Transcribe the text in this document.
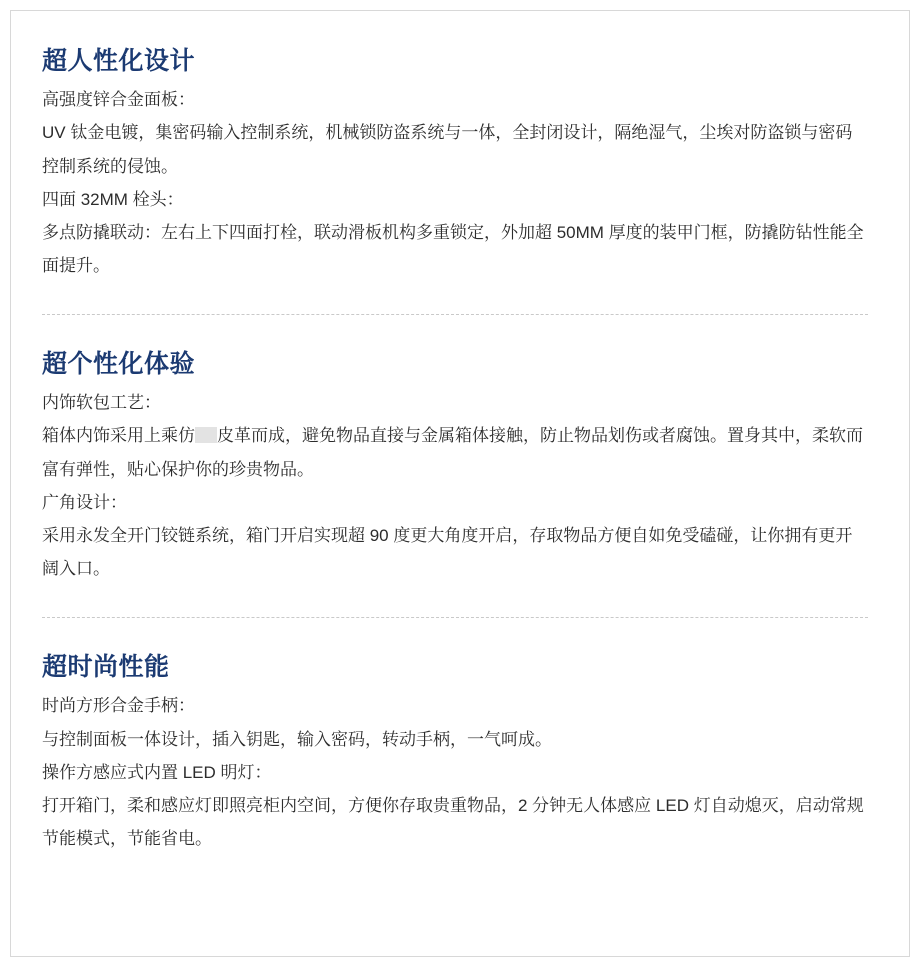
超人性化设计

高强度锌合金面板：

UV 钛金电镀，集密码输入控制系统，机械锁防盗系统与一体，全封闭设计，隔绝湿气，尘埃对防盗锁与密码控制系统的侵蚀。

四面 32MM 栓头：

多点防撬联动：左右上下四面打栓，联动滑板机构多重锁定，外加超 50MM 厚度的装甲门框，防撬防钻性能全面提升。

超个性化体验

内饰软包工艺：

箱体内饰采用上乘仿 皮革而成，避免物品直接与金属箱体接触，防止物品划伤或者腐蚀。置身其中，柔软而富有弹性，贴心保护你的珍贵物品。

广角设计：

采用永发全开门铰链系统，箱门开启实现超 90 度更大角度开启，存取物品方便自如免受磕碰，让你拥有更开阔入口。

超时尚性能

时尚方形合金手柄：

与控制面板一体设计，插入钥匙，输入密码，转动手柄，一气呵成。

操作方感应式内置 LED 明灯：

打开箱门，柔和感应灯即照亮柜内空间，方便你存取贵重物品，2 分钟无人体感应 LED 灯自动熄灭，启动常规节能模式，节能省电。
